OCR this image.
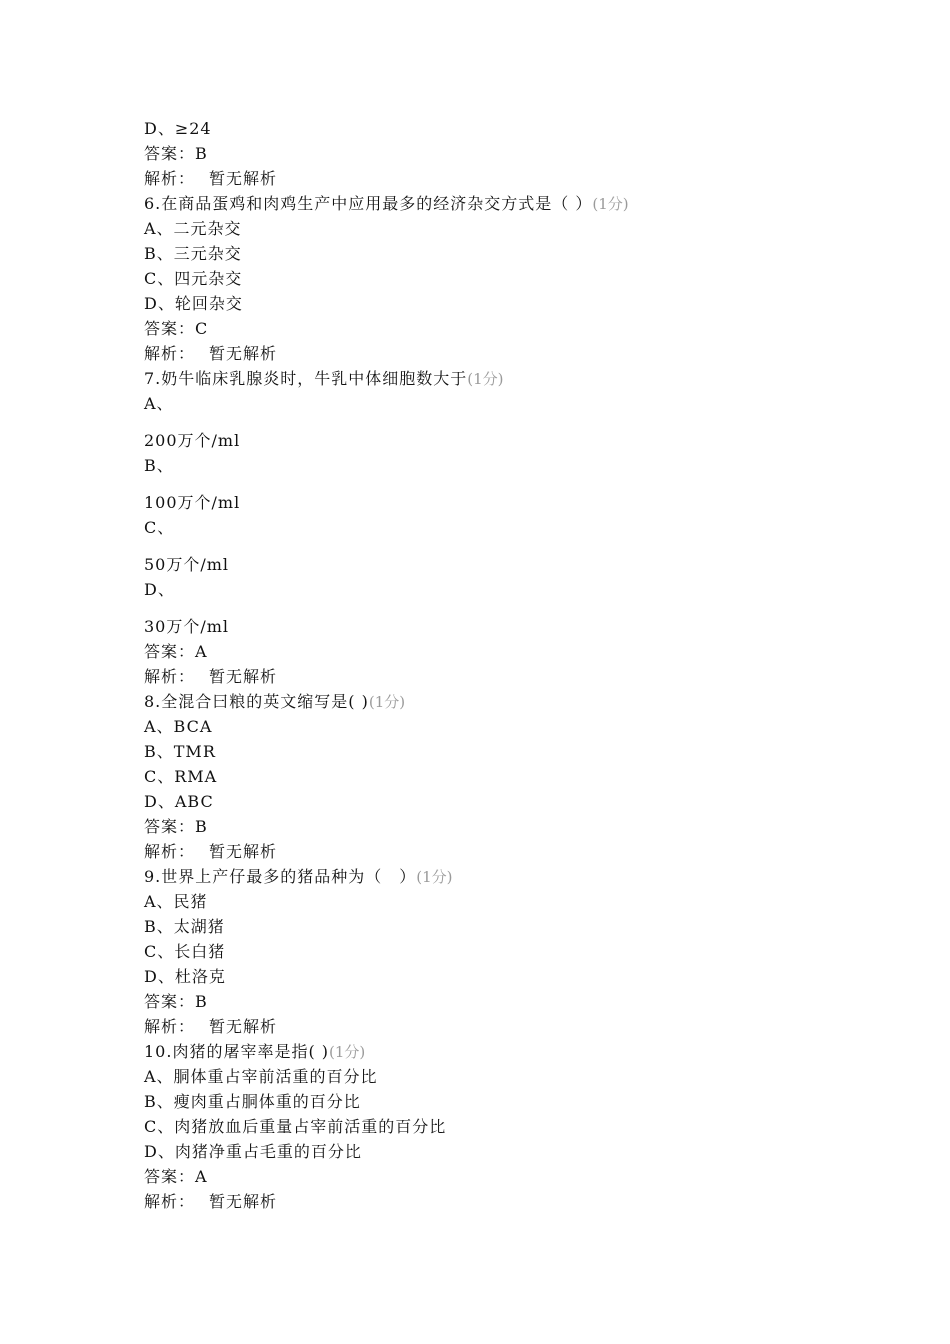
D、≥24
答案：B
解析： 暂无解析
6.在商品蛋鸡和肉鸡生产中应用最多的经济杂交方式是（ ）(1分)
A、二元杂交
B、三元杂交
C、四元杂交
D、轮回杂交
答案：C
解析： 暂无解析
7.奶牛临床乳腺炎时，牛乳中体细胞数大于(1分)
A、
200万个/ml
B、
100万个/ml
C、
50万个/ml
D、
30万个/ml
答案：A
解析： 暂无解析
8.全混合曰粮的英文缩写是( )(1分)
A、BCA
B、TMR
C、RMA
D、ABC
答案：B
解析： 暂无解析
9.世界上产仔最多的猪品种为（　）(1分)
A、民猪
B、太湖猪
C、长白猪
D、杜洛克
答案：B
解析： 暂无解析
10.肉猪的屠宰率是指( )(1分)
A、胴体重占宰前活重的百分比
B、瘦肉重占胴体重的百分比
C、肉猪放血后重量占宰前活重的百分比
D、肉猪净重占毛重的百分比
答案：A
解析： 暂无解析
